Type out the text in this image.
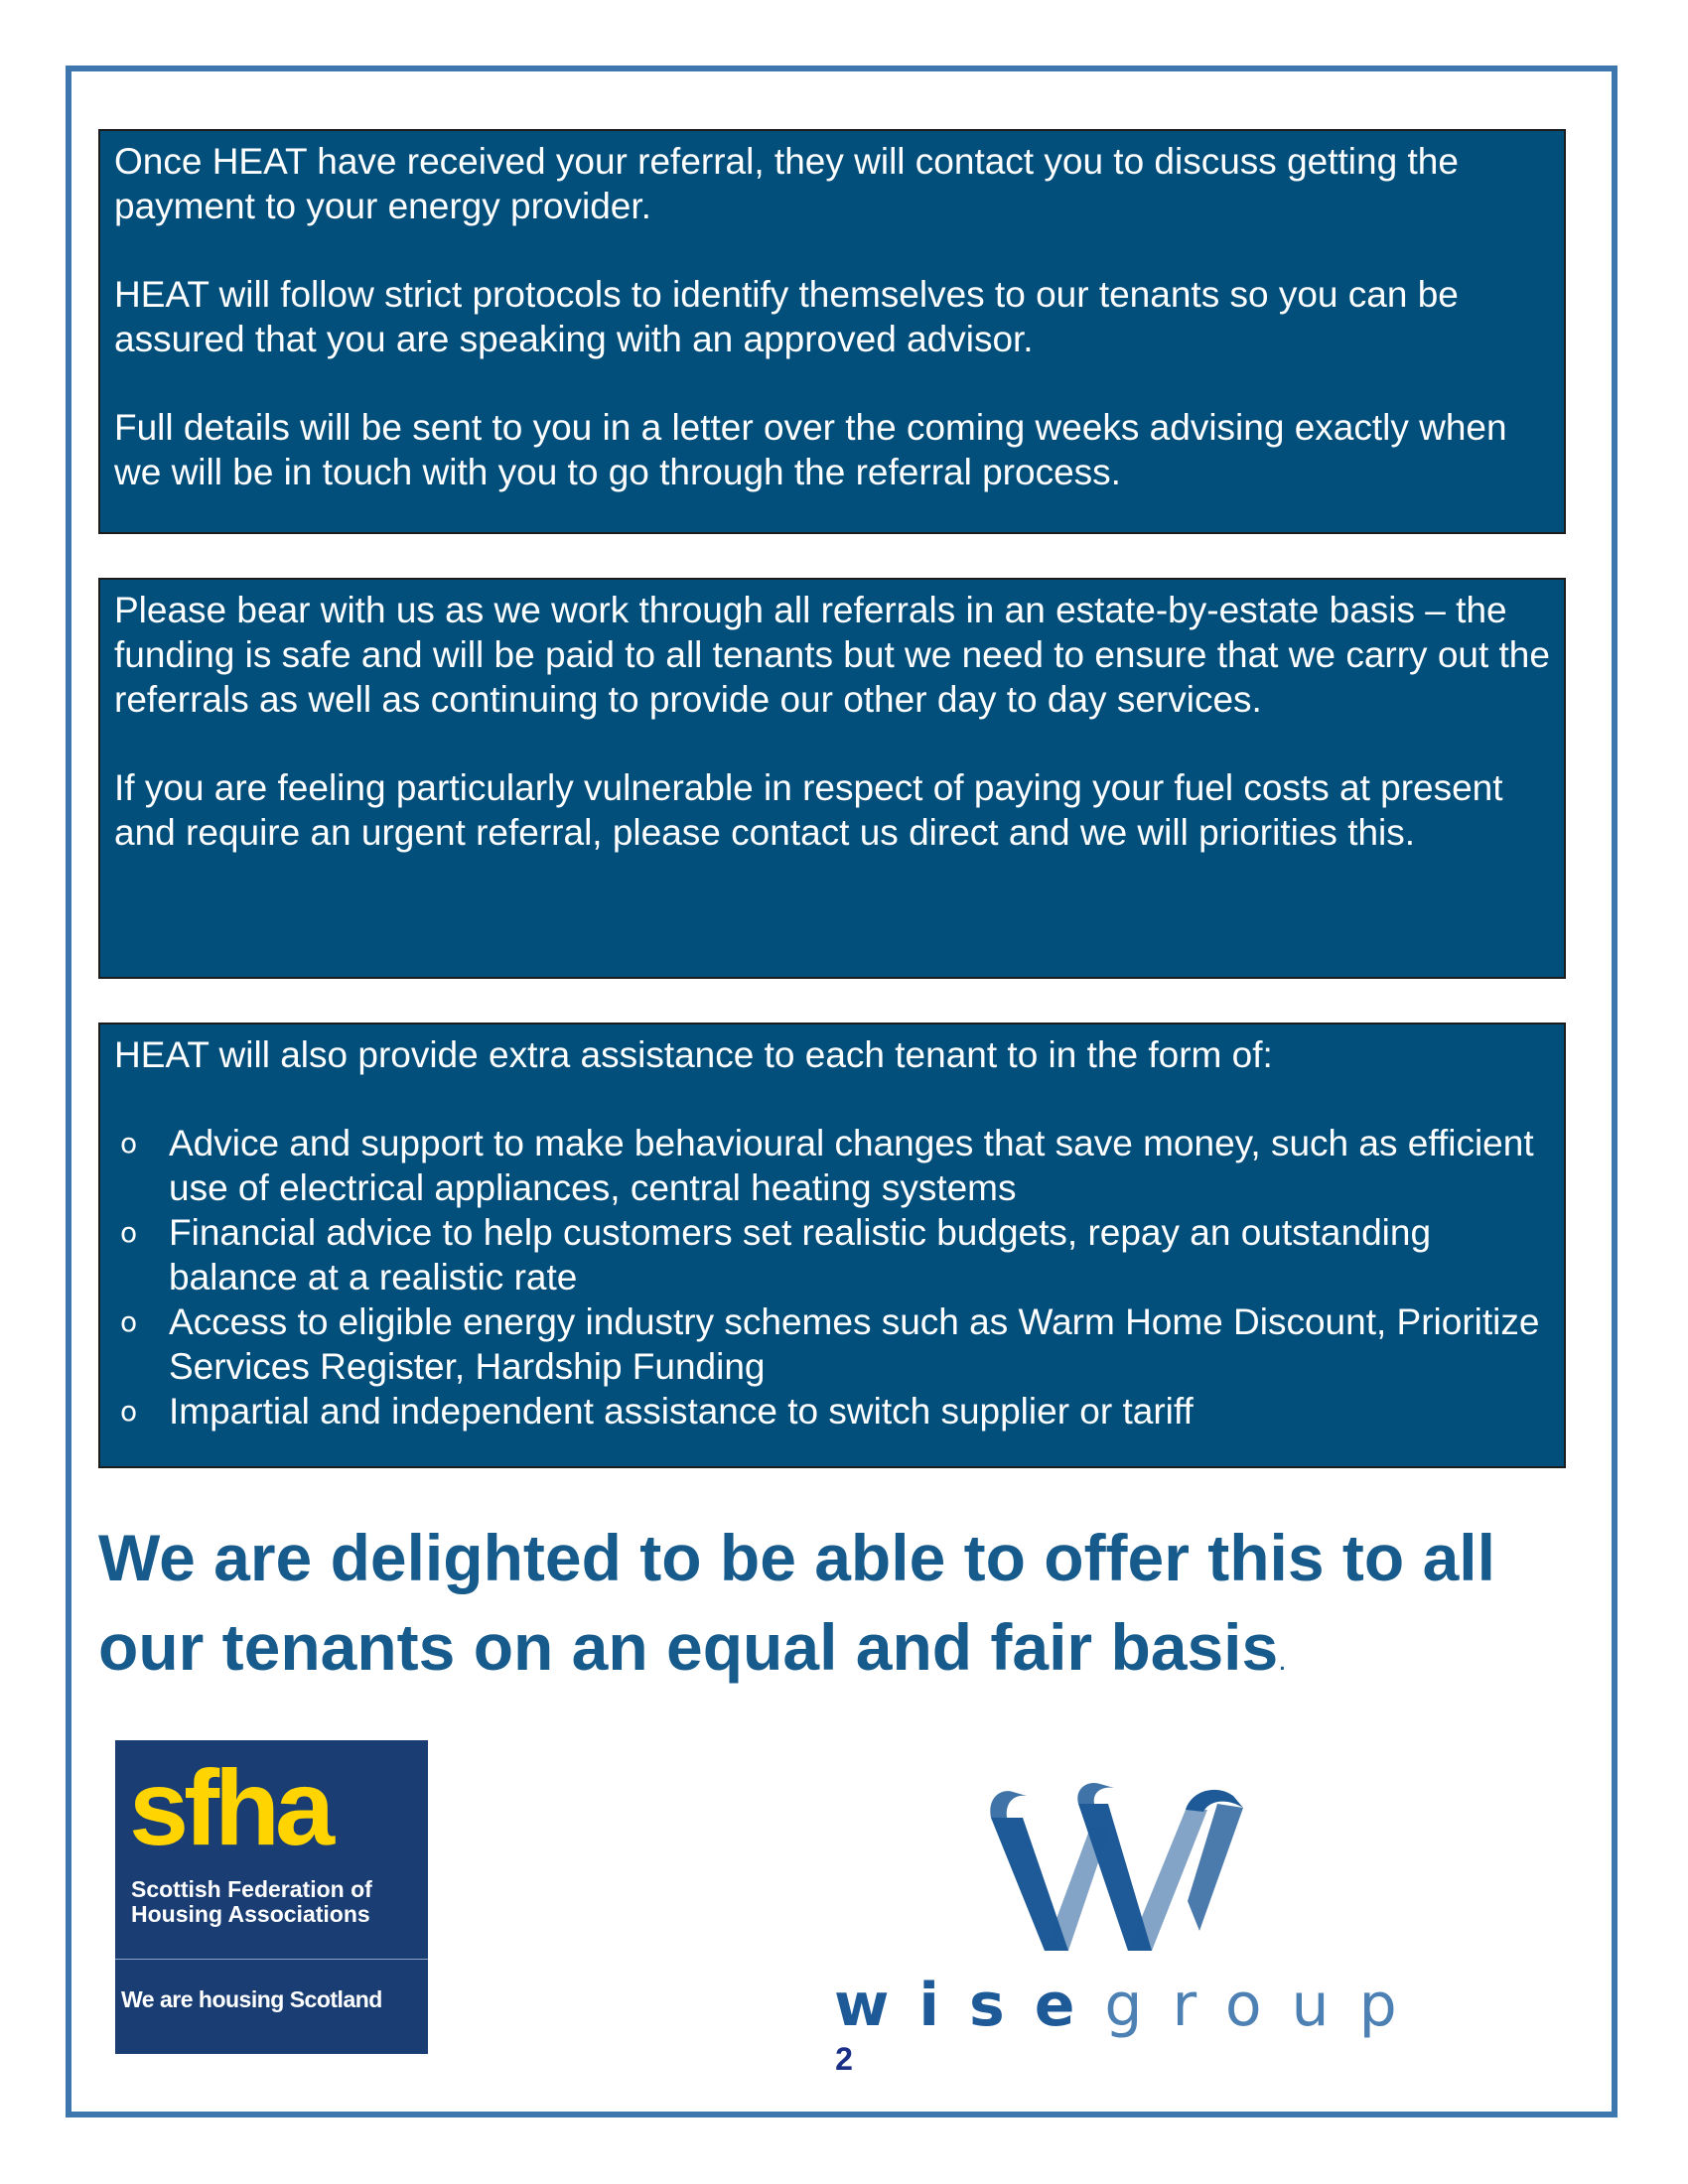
Once HEAT have received your referral, they will contact you to discuss getting the payment to your energy provider.

HEAT will follow strict protocols to identify themselves to our tenants so you can be assured that you are speaking with an approved advisor.

Full details will be sent to you in a letter over the coming weeks advising exactly when we will be in touch with you to go through the referral process.

Please bear with us as we work through all referrals in an estate-by-estate basis – the funding is safe and will be paid to all tenants but we need to ensure that we carry out the referrals as well as continuing to provide our other day to day services.

If you are feeling particularly vulnerable in respect of paying your fuel costs at present and require an urgent referral, please contact us direct and we will priorities this.

HEAT will also provide extra assistance to each tenant to in the form of:

o Advice and support to make behavioural changes that save money, such as efficient use of electrical appliances, central heating systems
o Financial advice to help customers set realistic budgets, repay an outstanding balance at a realistic rate
o Access to eligible energy industry schemes such as Warm Home Discount, Prioritize Services Register, Hardship Funding
o Impartial and independent assistance to switch supplier or tariff
We are delighted to be able to offer this to all
our tenants on an equal and fair basis.
sfha
Scottish Federation of
Housing Associations
We are housing Scotland	wisegroup
2
